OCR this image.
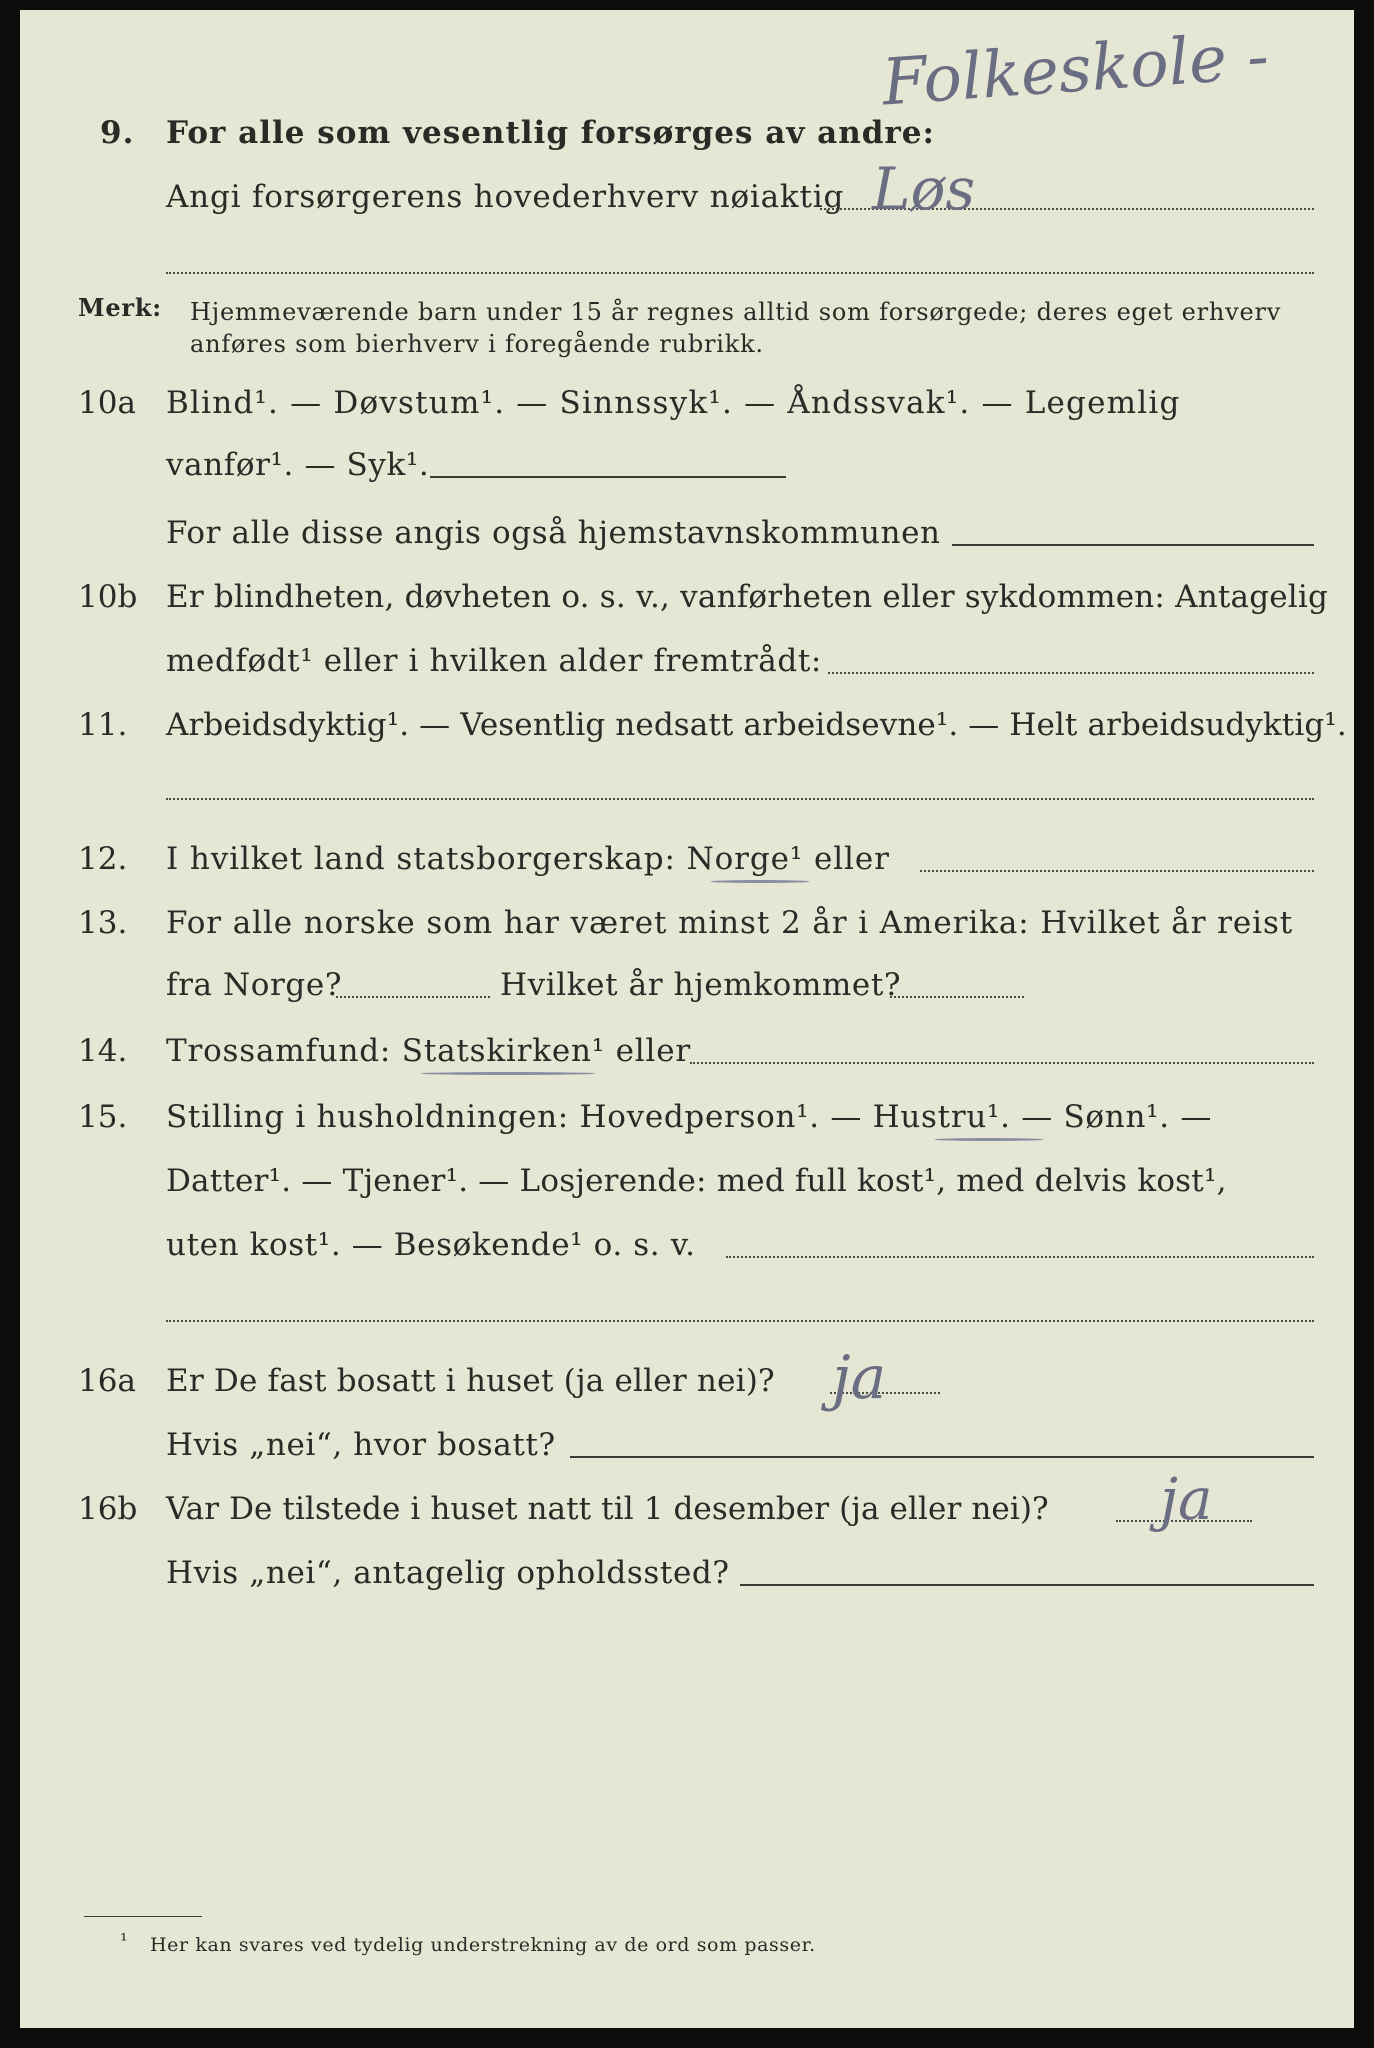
Folkeskole -
9. For alle som vesentlig forsørges av andre:
Angi forsørgerens hovederhverv nøiaktig Løs
Merk: Hjemmeværende barn under 15 år regnes alltid som forsørgede; deres eget erhverv
anføres som bierhverv i foregående rubrikk.
10a Blind¹. — Døvstum¹. — Sinnssyk¹. — Åndssvak¹. — Legemlig
vanfør¹. — Syk¹.
For alle disse angis også hjemstavnskommunen
10b Er blindheten, døvheten o. s. v., vanførheten eller sykdommen: Antagelig
medfødt¹ eller i hvilken alder fremtrådt:
11. Arbeidsdyktig¹. — Vesentlig nedsatt arbeidsevne¹. — Helt arbeidsudyktig¹.
12. I hvilket land statsborgerskap: Norge¹ eller
13. For alle norske som har været minst 2 år i Amerika: Hvilket år reist
fra Norge?	Hvilket år hjemkommet?
14. Trossamfund: Statskirken¹ eller
15. Stilling i husholdningen: Hovedperson¹. — Hustru¹. — Sønn¹. —
Datter¹. — Tjener¹. — Losjerende: med full kost¹, med delvis kost¹,
uten kost¹. — Besøkende¹ o. s. v.
16a Er De fast bosatt i huset (ja eller nei)? ja
Hvis „nei“, hvor bosatt?
16b Var De tilstede i huset natt til 1 desember (ja eller nei)? ja
Hvis „nei“, antagelig opholdssted?
¹ Her kan svares ved tydelig understrekning av de ord som passer.
